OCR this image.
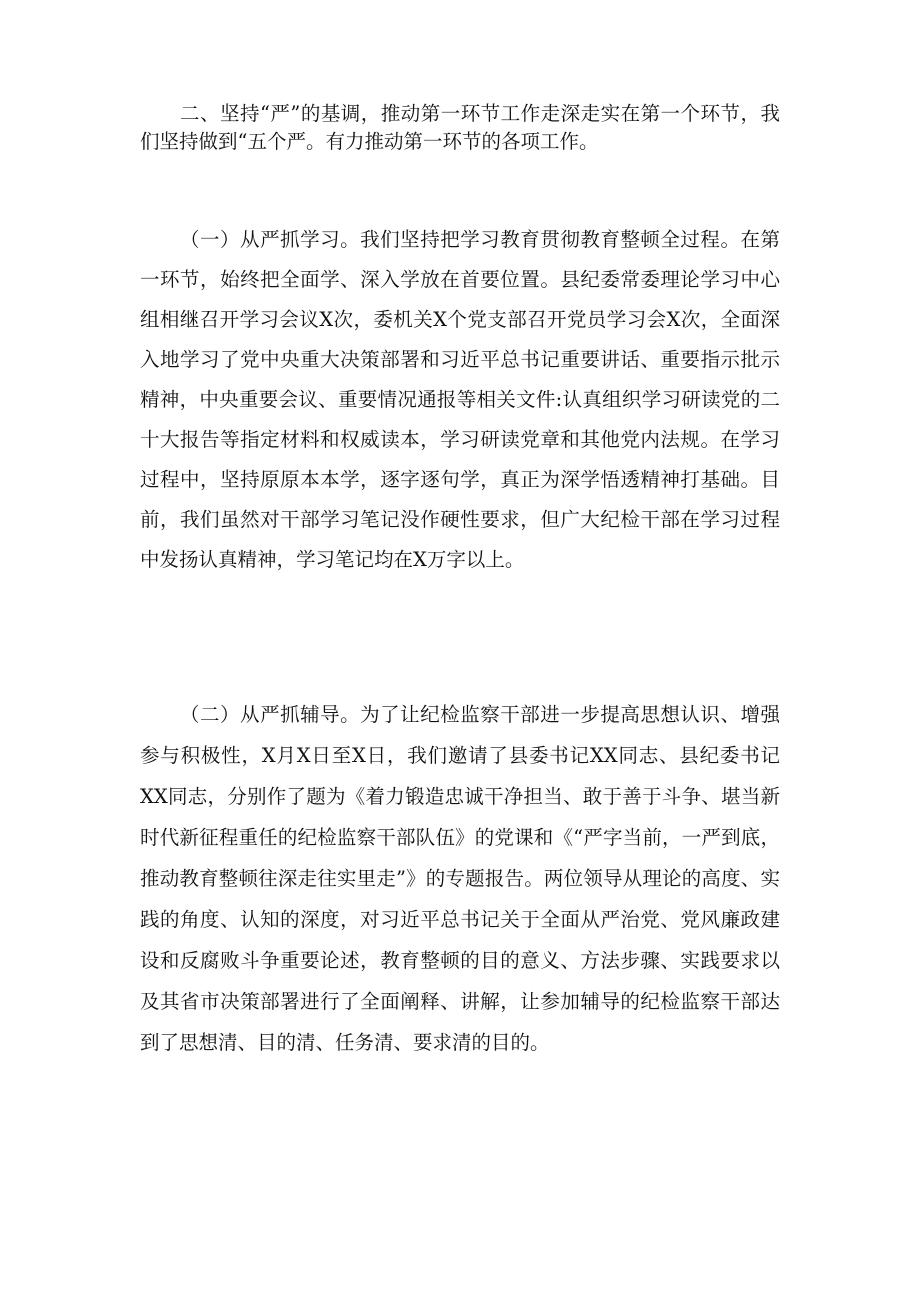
二、坚持“严”的基调，推动第一环节工作走深走实在第一个环节，我们坚持做到“五个严。有力推动第一环节的各项工作。

（一）从严抓学习。我们坚持把学习教育贯彻教育整顿全过程。在第一环节，始终把全面学、深入学放在首要位置。县纪委常委理论学习中心组相继召开学习会议X次，委机关X个党支部召开党员学习会X次，全面深入地学习了党中央重大决策部署和习近平总书记重要讲话、重要指示批示精神，中央重要会议、重要情况通报等相关文件:认真组织学习研读党的二十大报告等指定材料和权威读本，学习研读党章和其他党内法规。在学习过程中，坚持原原本本学，逐字逐句学，真正为深学悟透精神打基础。目前，我们虽然对干部学习笔记没作硬性要求，但广大纪检干部在学习过程中发扬认真精神，学习笔记均在X万字以上。

（二）从严抓辅导。为了让纪检监察干部进一步提高思想认识、增强参与积极性，X月X日至X日，我们邀请了县委书记XX同志、县纪委书记XX同志，分别作了题为《着力锻造忠诚干净担当、敢于善于斗争、堪当新时代新征程重任的纪检监察干部队伍》的党课和《“严字当前，一严到底，推动教育整顿往深走往实里走”》的专题报告。两位领导从理论的高度、实践的角度、认知的深度，对习近平总书记关于全面从严治党、党风廉政建设和反腐败斗争重要论述，教育整顿的目的意义、方法步骤、实践要求以及其省市决策部署进行了全面阐释、讲解，让参加辅导的纪检监察干部达到了思想清、目的清、任务清、要求清的目的。
